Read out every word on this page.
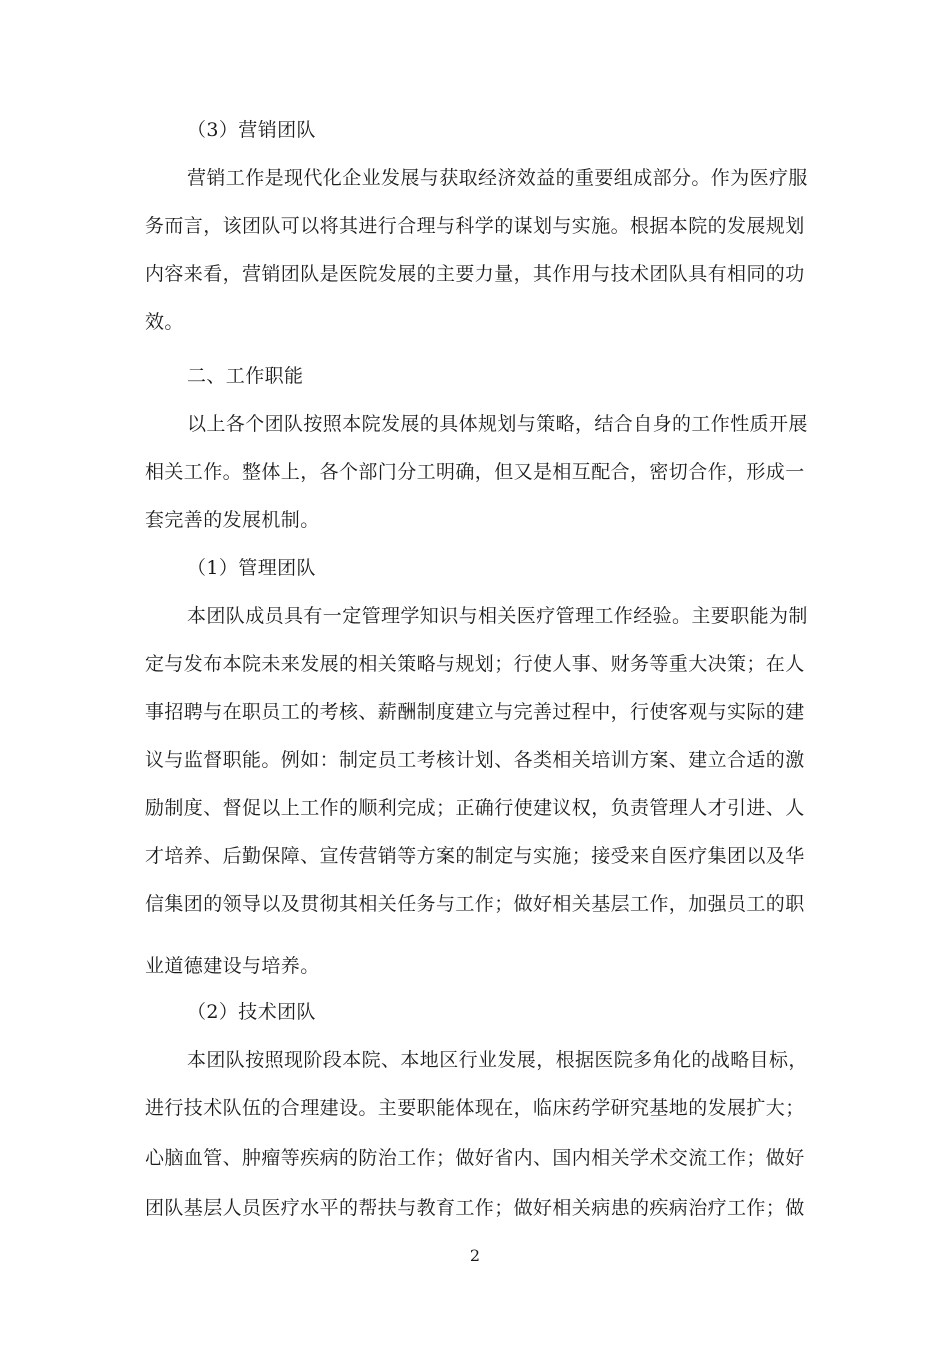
（3）营销团队
营销工作是现代化企业发展与获取经济效益的重要组成部分。作为医疗服
务而言，该团队可以将其进行合理与科学的谋划与实施。根据本院的发展规划
内容来看，营销团队是医院发展的主要力量，其作用与技术团队具有相同的功
效。
二、工作职能
以上各个团队按照本院发展的具体规划与策略，结合自身的工作性质开展
相关工作。整体上，各个部门分工明确，但又是相互配合，密切合作，形成一
套完善的发展机制。
（1）管理团队
本团队成员具有一定管理学知识与相关医疗管理工作经验。主要职能为制
定与发布本院未来发展的相关策略与规划；行使人事、财务等重大决策；在人
事招聘与在职员工的考核、薪酬制度建立与完善过程中，行使客观与实际的建
议与监督职能。例如：制定员工考核计划、各类相关培训方案、建立合适的激
励制度、督促以上工作的顺利完成；正确行使建议权，负责管理人才引进、人
才培养、后勤保障、宣传营销等方案的制定与实施；接受来自医疗集团以及华
信集团的领导以及贯彻其相关任务与工作；做好相关基层工作，加强员工的职
业道德建设与培养。
（2）技术团队
本团队按照现阶段本院、本地区行业发展，根据医院多角化的战略目标，
进行技术队伍的合理建设。主要职能体现在，临床药学研究基地的发展扩大；
心脑血管、肿瘤等疾病的防治工作；做好省内、国内相关学术交流工作；做好
团队基层人员医疗水平的帮扶与教育工作；做好相关病患的疾病治疗工作；做
2
